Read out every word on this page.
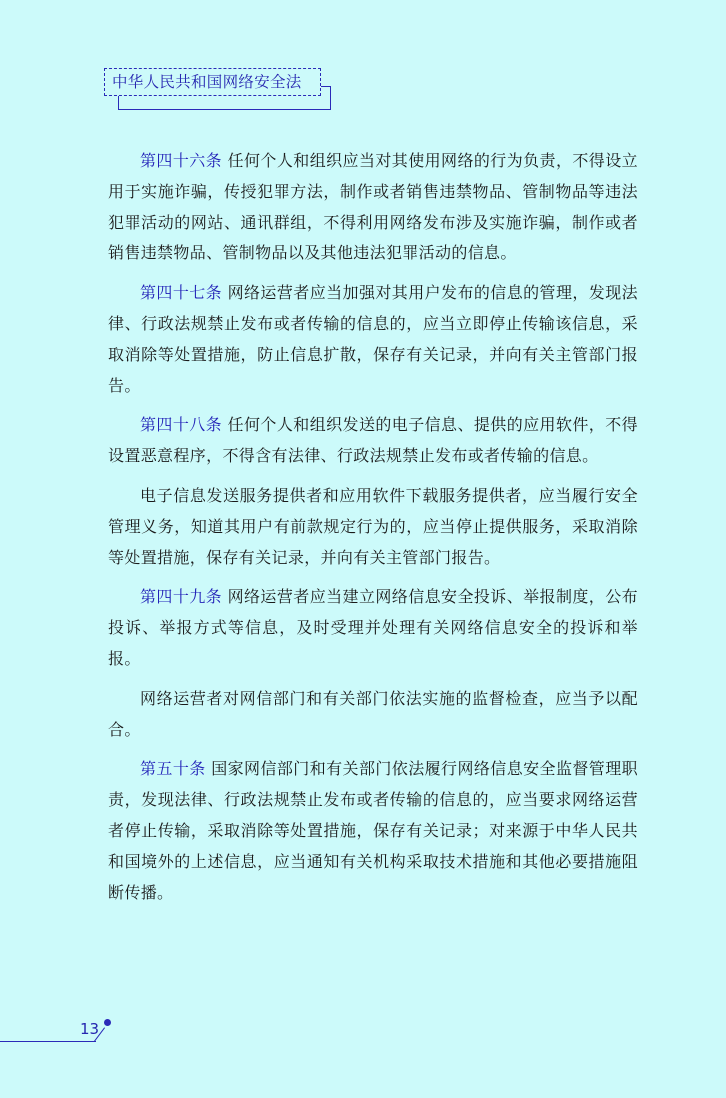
中华人民共和国网络安全法

第四十六条 任何个人和组织应当对其使用网络的行为负责，不得设立用于实施诈骗，传授犯罪方法，制作或者销售违禁物品、管制物品等违法犯罪活动的网站、通讯群组，不得利用网络发布涉及实施诈骗，制作或者销售违禁物品、管制物品以及其他违法犯罪活动的信息。

第四十七条 网络运营者应当加强对其用户发布的信息的管理，发现法律、行政法规禁止发布或者传输的信息的，应当立即停止传输该信息，采取消除等处置措施，防止信息扩散，保存有关记录，并向有关主管部门报告。

第四十八条 任何个人和组织发送的电子信息、提供的应用软件，不得设置恶意程序，不得含有法律、行政法规禁止发布或者传输的信息。

电子信息发送服务提供者和应用软件下载服务提供者，应当履行安全管理义务，知道其用户有前款规定行为的，应当停止提供服务，采取消除等处置措施，保存有关记录，并向有关主管部门报告。

第四十九条 网络运营者应当建立网络信息安全投诉、举报制度，公布投诉、举报方式等信息，及时受理并处理有关网络信息安全的投诉和举报。

网络运营者对网信部门和有关部门依法实施的监督检查，应当予以配合。

第五十条 国家网信部门和有关部门依法履行网络信息安全监督管理职责，发现法律、行政法规禁止发布或者传输的信息的，应当要求网络运营者停止传输，采取消除等处置措施，保存有关记录；对来源于中华人民共和国境外的上述信息，应当通知有关机构采取技术措施和其他必要措施阻断传播。

13
